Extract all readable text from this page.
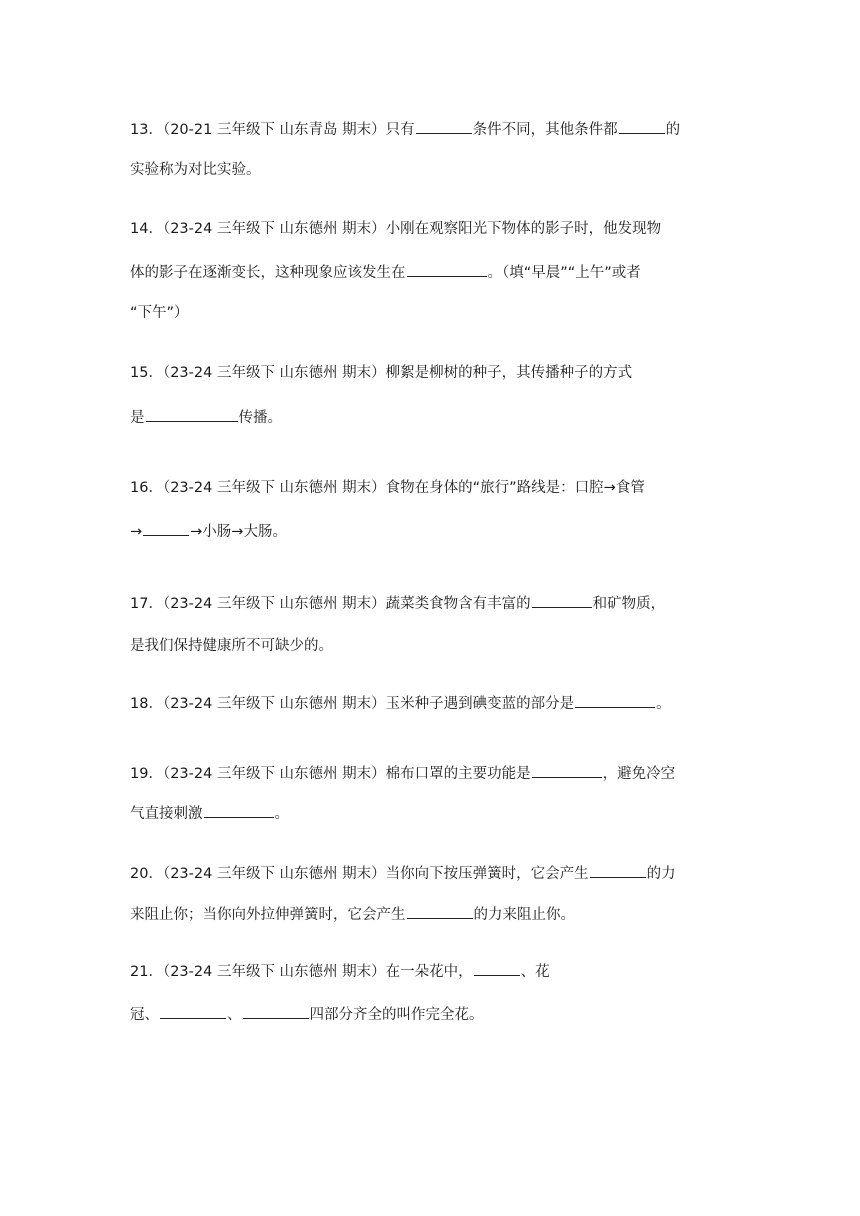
13．（20-21 三年级下 山东青岛 期末）只有	条件不同，其他条件都	的
实验称为对比实验。
14．（23-24 三年级下 山东德州 期末）小刚在观察阳光下物体的影子时，他发现物
体的影子在逐渐变长，这种现象应该发生在	。（填“早晨”“上午”或者
“下午”）
15．（23-24 三年级下 山东德州 期末）柳絮是柳树的种子，其传播种子的方式
是	传播。
16．（23-24 三年级下 山东德州 期末）食物在身体的“旅行”路线是：口腔→食管
→	→小肠→大肠。
17．（23-24 三年级下 山东德州 期末）蔬菜类食物含有丰富的	和矿物质，
是我们保持健康所不可缺少的。
18．（23-24 三年级下 山东德州 期末）玉米种子遇到碘变蓝的部分是	。
19．（23-24 三年级下 山东德州 期末）棉布口罩的主要功能是	，避免冷空
气直接刺激	。
20．（23-24 三年级下 山东德州 期末）当你向下按压弹簧时，它会产生	的力
来阻止你；当你向外拉伸弹簧时，它会产生	的力来阻止你。
21．（23-24 三年级下 山东德州 期末）在一朵花中，	、花
冠、	、	四部分齐全的叫作完全花。
